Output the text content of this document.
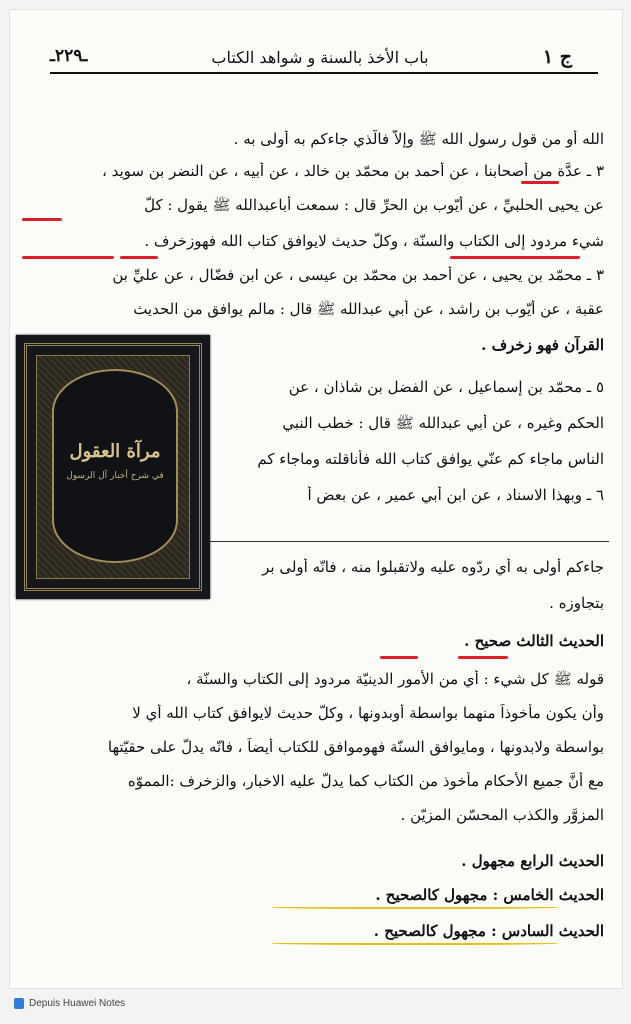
ج ١
باب الأخذ بالسنة و شواهد الكتاب
ـ٢٢٩ـ
الله أو من قول رسول الله ﷺ وإلاّ فالّذي جاءكم به أولى به .
٣ ـ عدَّة من أصحابنا ، عن أحمد بن محمّد بن خالد ، عن أبيه ، عن النضر بن سويد ،
عن يحيى الحلبيِّ ، عن أيّوب بن الحرِّ قال : سمعت أباعبدالله ﷺ يقول : كلُّ
شيء مردود إلى الكتاب والسنّة ، وكلُّ حديث لايوافق كتاب الله فهوزخرف .
٣ ـ محمّد بن يحيى ، عن أحمد بن محمّد بن عيسى ، عن ابن فضّال ، عن عليِّ بن
عقبة ، عن أيّوب بن راشد ، عن أبي عبدالله ﷺ قال : مالم يوافق من الحديث
القرآن فهو زخرف .
٥ ـ محمّد بن إسماعيل ، عن الفضل بن شاذان ، عن
الحكم وغيره ، عن أبي عبدالله ﷺ قال : خطب النبي
الناس ماجاء كم عنّي يوافق كتاب الله فأناقلته وماجاء كم
٦ ـ وبهذا الاسناد ، عن ابن أبي عمير ، عن بعض أ
جاءكم أولى به أي ردّوه عليه ولاتقبلوا منه ، فانّه أولى بر
بتجاوزه .
الحديث الثالث صحيح .
قوله ﷺ كل شيء : أي من الأمور الدينيّة مردود إلى الكتاب والسنّة ،
وأن يكون مأخوذاً منهما بواسطة أوبدونها ، وكلُّ حديث لايوافق كتاب الله أي لا
بواسطة ولابدونها ، ومايوافق السنّة فهوموافق للكتاب أيضاً ، فانّه يدلُّ على حقيّتها
مع أنَّ جميع الأحكام مأخوذ من الكتاب كما يدلُّ عليه الاخبار، والزخرف :المموّه
المزوَّر والكذب المحسّن المزيّن .
الحديث الرابع مجهول .
الحديث الخامس : مجهول كالصحيح .
الحديث السادس : مجهول كالصحيح .
مرآة العقول
في شرح أخبار آل الرسول
Depuis Huawei Notes
